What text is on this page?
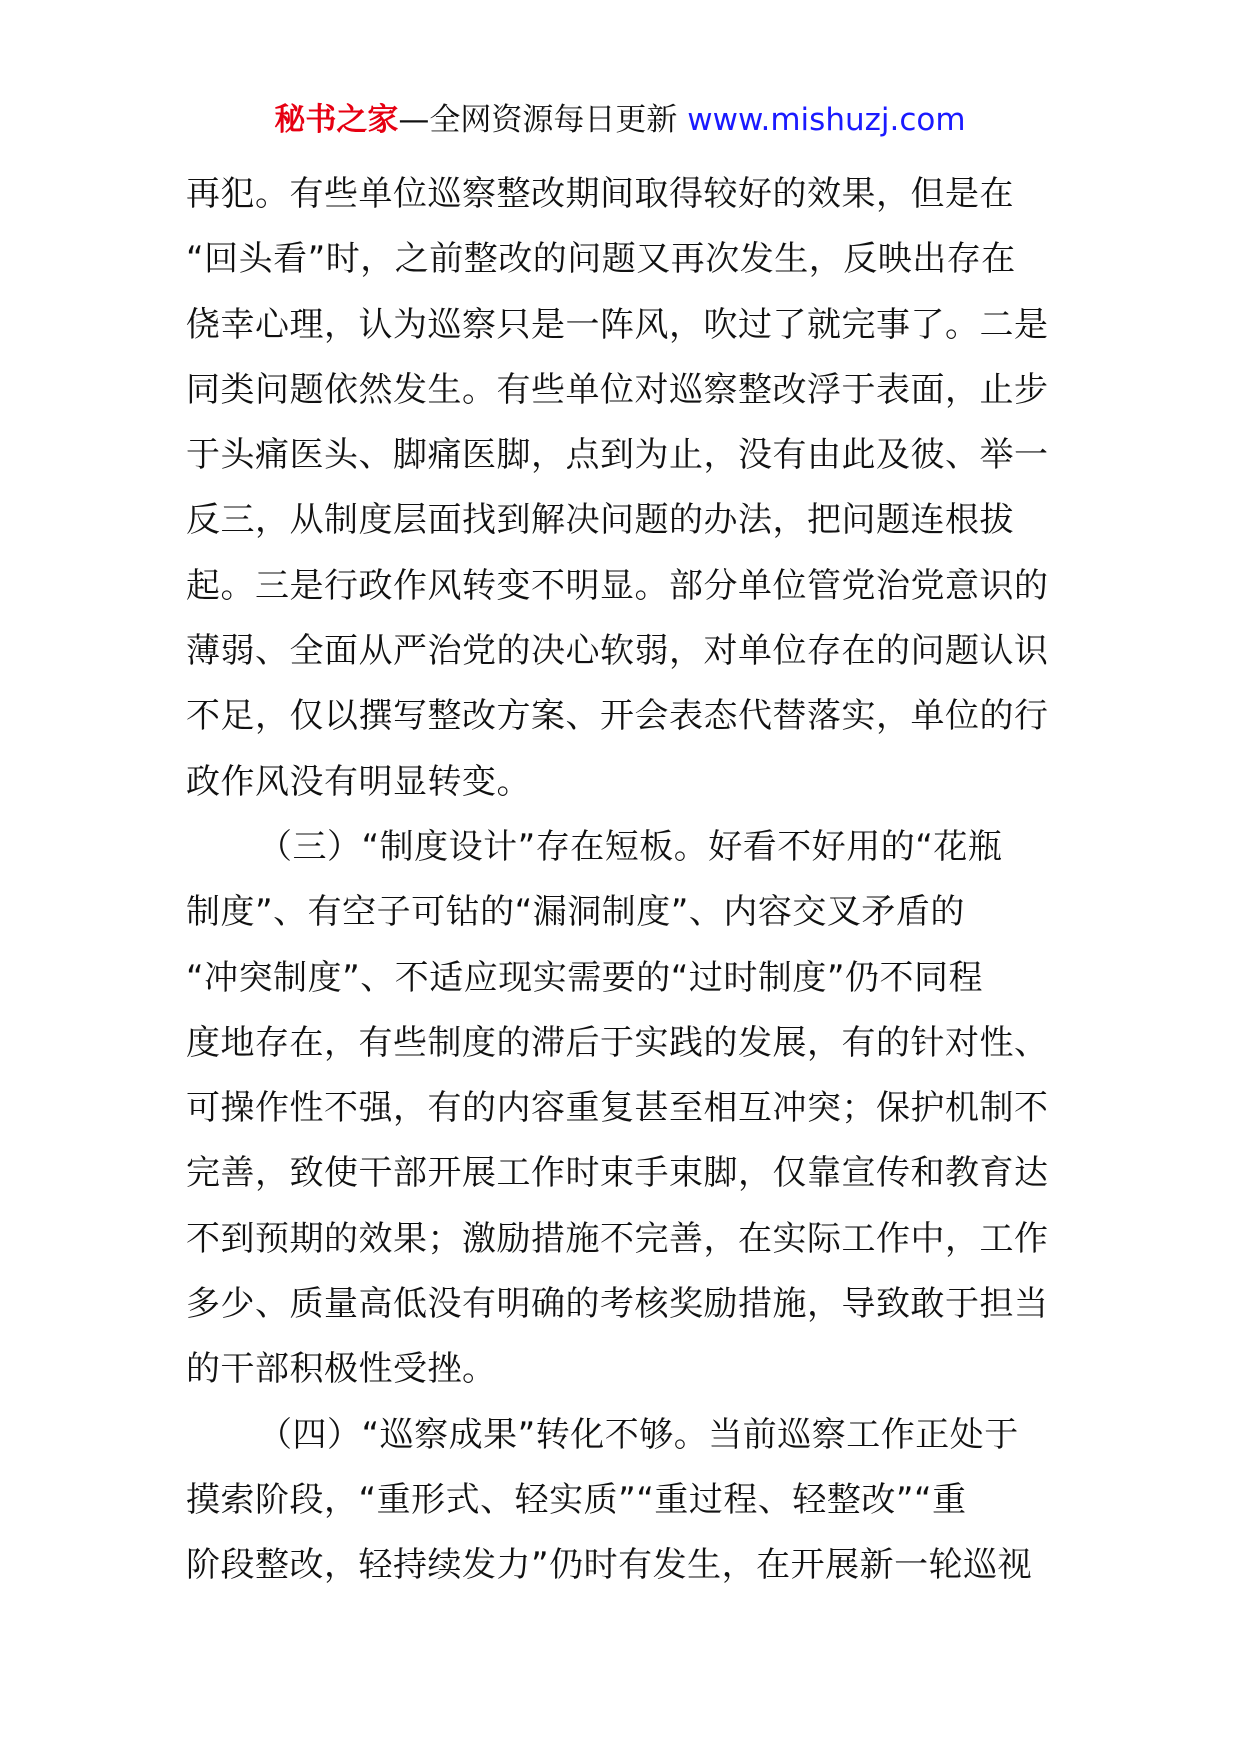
秘书之家—全网资源每日更新 www.mishuzj.com
再犯。有些单位巡察整改期间取得较好的效果，但是在
“回头看”时，之前整改的问题又再次发生，反映出存在
侥幸心理，认为巡察只是一阵风，吹过了就完事了。二是
同类问题依然发生。有些单位对巡察整改浮于表面，止步
于头痛医头、脚痛医脚，点到为止，没有由此及彼、举一
反三，从制度层面找到解决问题的办法，把问题连根拔
起。三是行政作风转变不明显。部分单位管党治党意识的
薄弱、全面从严治党的决心软弱，对单位存在的问题认识
不足，仅以撰写整改方案、开会表态代替落实，单位的行
政作风没有明显转变。
（三）“制度设计”存在短板。好看不好用的“花瓶
制度”、有空子可钻的“漏洞制度”、内容交叉矛盾的
“冲突制度”、不适应现实需要的“过时制度”仍不同程
度地存在，有些制度的滞后于实践的发展，有的针对性、
可操作性不强，有的内容重复甚至相互冲突；保护机制不
完善，致使干部开展工作时束手束脚，仅靠宣传和教育达
不到预期的效果；激励措施不完善，在实际工作中，工作
多少、质量高低没有明确的考核奖励措施，导致敢于担当
的干部积极性受挫。
（四）“巡察成果”转化不够。当前巡察工作正处于
摸索阶段，“重形式、轻实质”“重过程、轻整改”“重
阶段整改，轻持续发力”仍时有发生，在开展新一轮巡视
